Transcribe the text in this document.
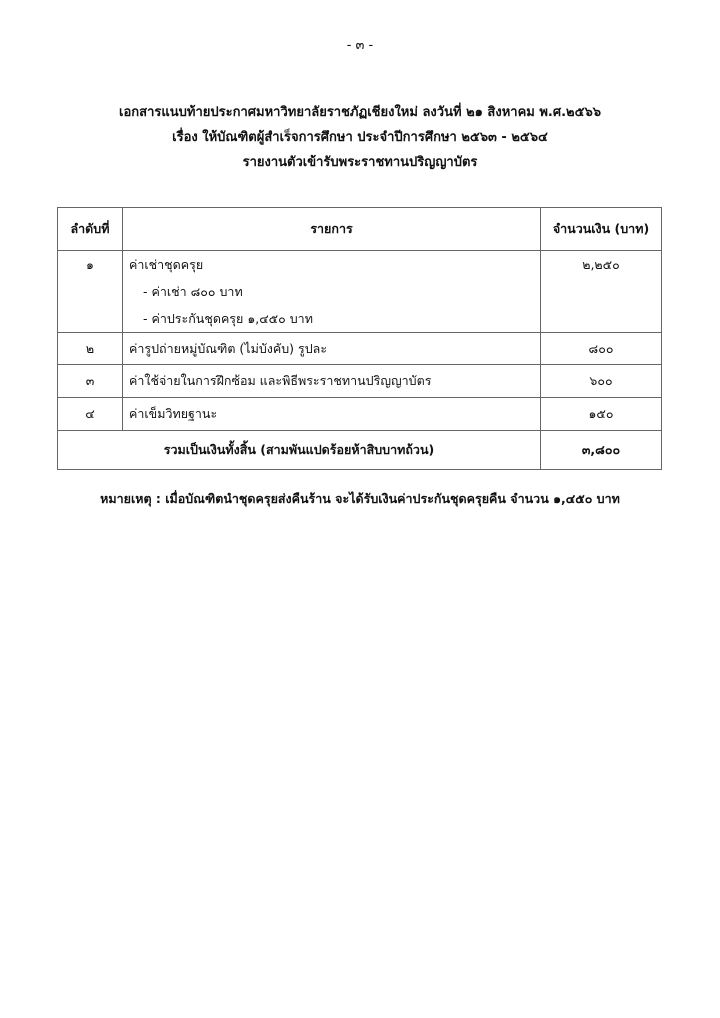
- ๓ -
เอกสารแนบท้ายประกาศมหาวิทยาลัยราชภัฏเชียงใหม่ ลงวันที่ ๒๑ สิงหาคม พ.ศ.๒๕๖๖
เรื่อง ให้บัณฑิตผู้สำเร็จการศึกษา ประจำปีการศึกษา ๒๕๖๓ - ๒๕๖๔
รายงานตัวเข้ารับพระราชทานปริญญาบัตร
ลำดับที่	รายการ	จำนวนเงิน (บาท)

๑	ค่าเช่าชุดครุย
- ค่าเช่า ๘๐๐ บาท
- ค่าประกันชุดครุย ๑,๔๕๐ บาท	๒,๒๕๐

๒	ค่ารูปถ่ายหมู่บัณฑิต (ไม่บังคับ) รูปละ	๘๐๐

๓	ค่าใช้จ่ายในการฝึกซ้อม และพิธีพระราชทานปริญญาบัตร	๖๐๐

๔	ค่าเข็มวิทยฐานะ	๑๕๐

รวมเป็นเงินทั้งสิ้น (สามพันแปดร้อยห้าสิบบาทถ้วน)		๓,๘๐๐
หมายเหตุ : เมื่อบัณฑิตนำชุดครุยส่งคืนร้าน จะได้รับเงินค่าประกันชุดครุยคืน จำนวน ๑,๔๕๐ บาท
